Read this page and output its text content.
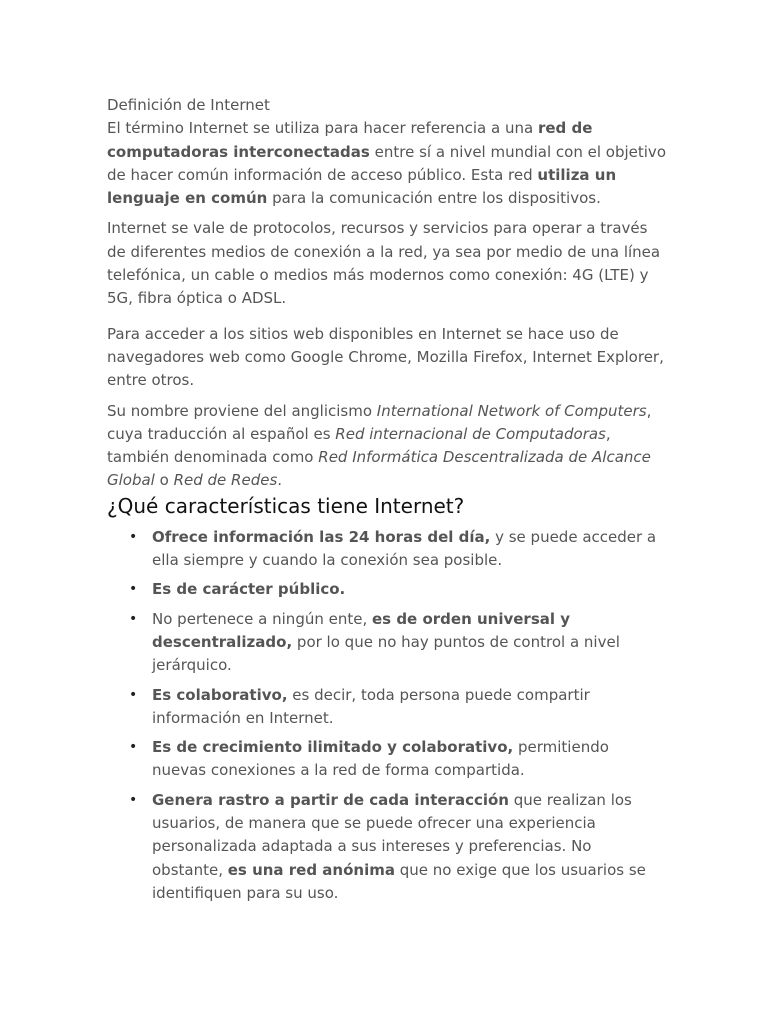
Definición de Internet

El término Internet se utiliza para hacer referencia a una red de computadoras interconectadas entre sí a nivel mundial con el objetivo de hacer común información de acceso público. Esta red utiliza un lenguaje en común para la comunicación entre los dispositivos.

Internet se vale de protocolos, recursos y servicios para operar a través de diferentes medios de conexión a la red, ya sea por medio de una línea telefónica, un cable o medios más modernos como conexión: 4G (LTE) y 5G, fibra óptica o ADSL.

Para acceder a los sitios web disponibles en Internet se hace uso de navegadores web como Google Chrome, Mozilla Firefox, Internet Explorer, entre otros.

Su nombre proviene del anglicismo International Network of Computers, cuya traducción al español es Red internacional de Computadoras, también denominada como Red Informática Descentralizada de Alcance Global o Red de Redes.

¿Qué características tiene Internet?
• Ofrece información las 24 horas del día, y se puede acceder a ella siempre y cuando la conexión sea posible.
• Es de carácter público.
• No pertenece a ningún ente, es de orden universal y descentralizado, por lo que no hay puntos de control a nivel jerárquico.
• Es colaborativo, es decir, toda persona puede compartir información en Internet.
• Es de crecimiento ilimitado y colaborativo, permitiendo nuevas conexiones a la red de forma compartida.
• Genera rastro a partir de cada interacción que realizan los usuarios, de manera que se puede ofrecer una experiencia personalizada adaptada a sus intereses y preferencias. No obstante, es una red anónima que no exige que los usuarios se identifiquen para su uso.
